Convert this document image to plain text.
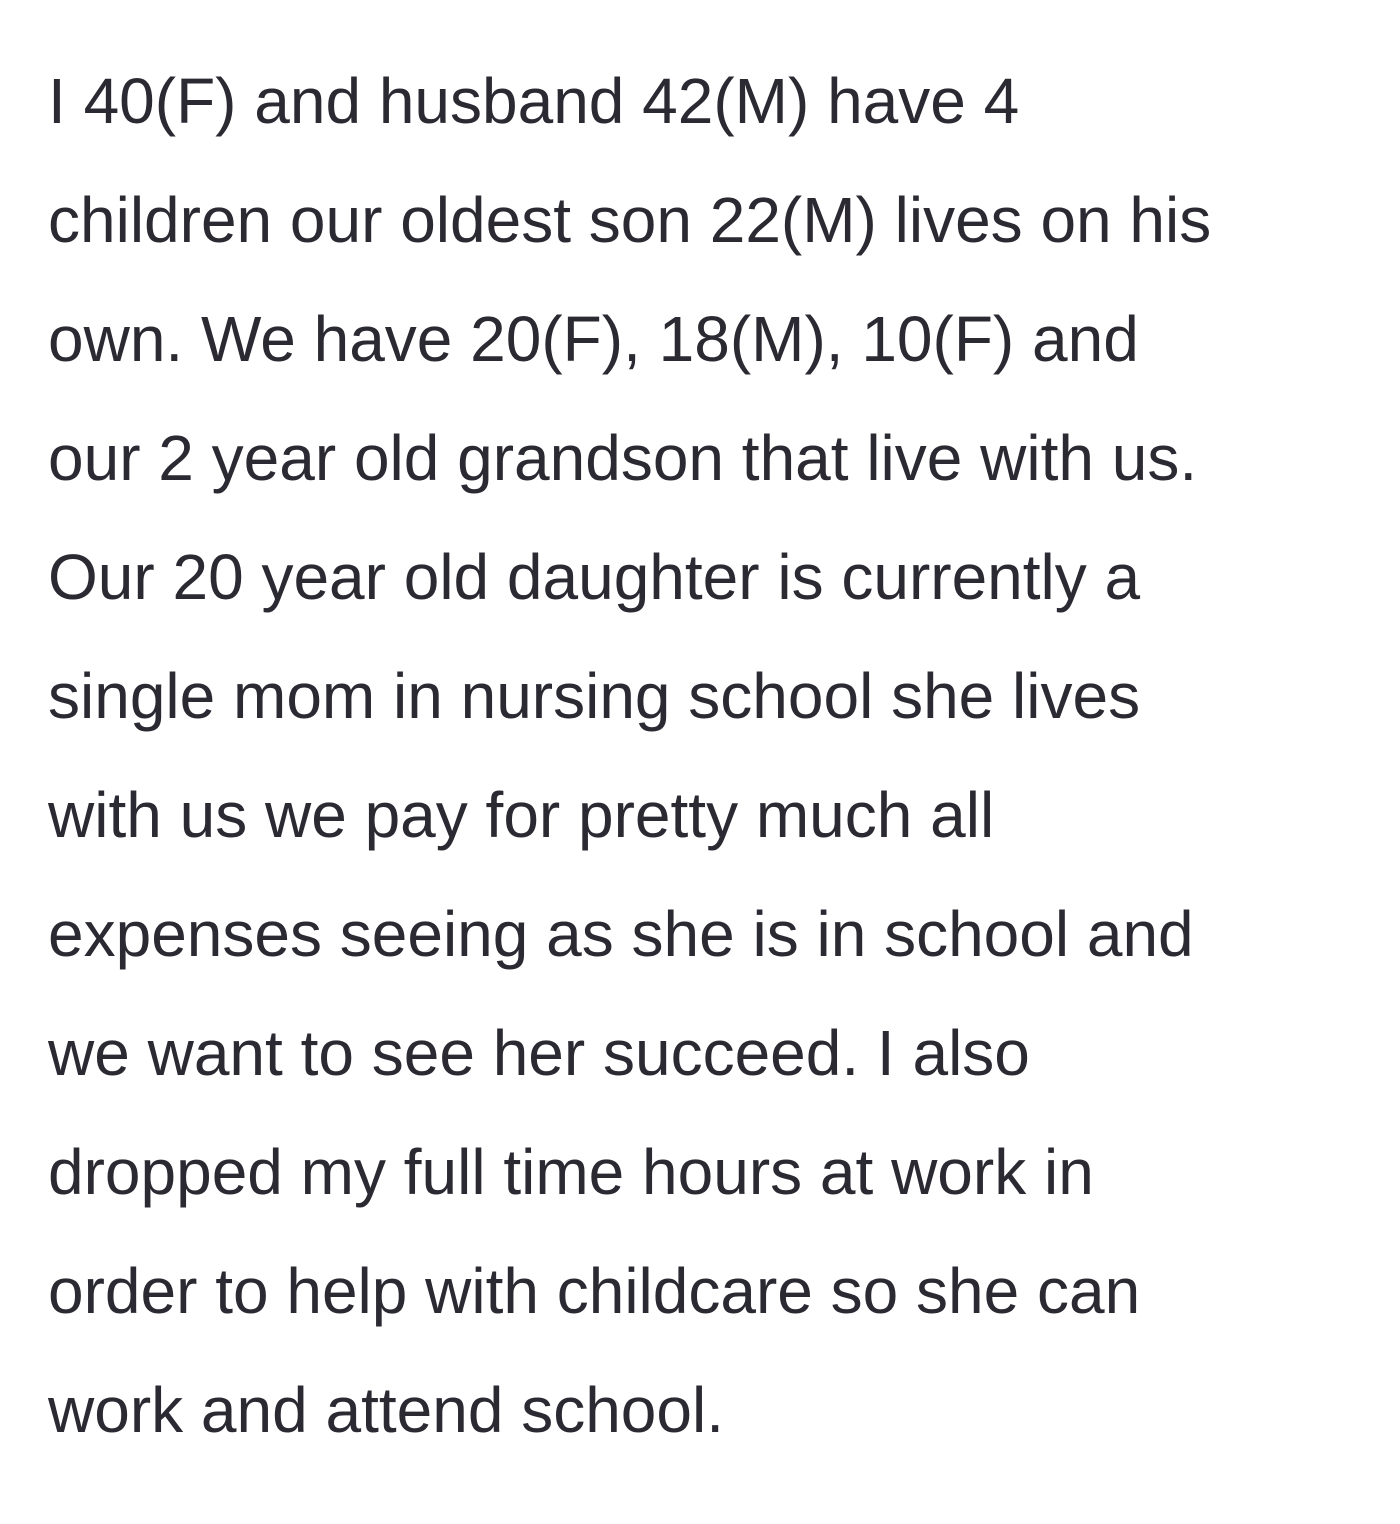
I 40(F) and husband 42(M) have 4
children our oldest son 22(M) lives on his
own. We have 20(F), 18(M), 10(F) and
our 2 year old grandson that live with us.
Our 20 year old daughter is currently a
single mom in nursing school she lives
with us we pay for pretty much all
expenses seeing as she is in school and
we want to see her succeed. I also
dropped my full time hours at work in
order to help with childcare so she can
work and attend school.
